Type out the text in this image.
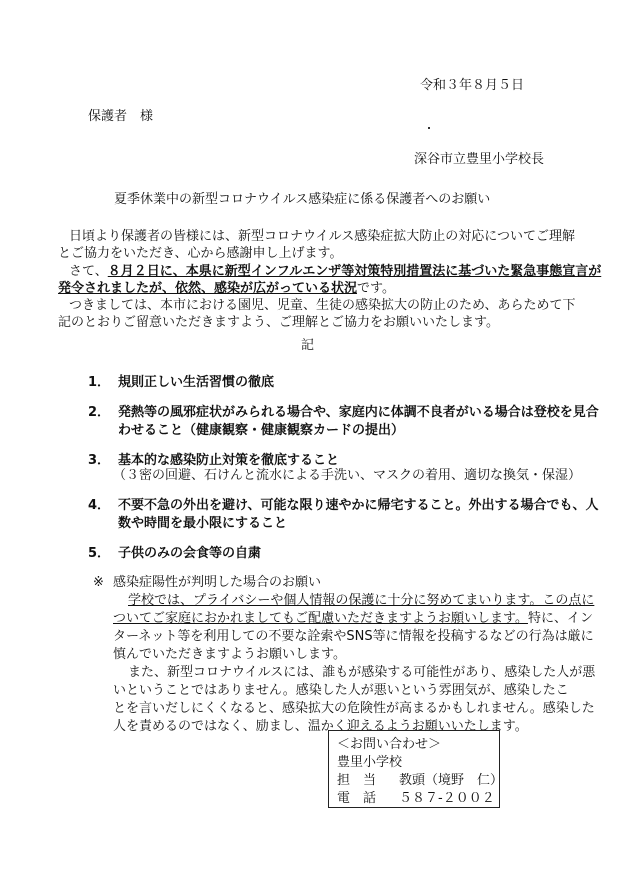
令和３年８月５日
保護者　様
深谷市立豊里小学校長
夏季休業中の新型コロナウイルス感染症に係る保護者へのお願い
日頃より保護者の皆様には、新型コロナウイルス感染症拡大防止の対応についてご理解
とご協力をいただき、心から感謝申し上げます。
さて、８月２日に、本県に新型インフルエンザ等対策特別措置法に基づいた緊急事態宣言が
発令されましたが、依然、感染が広がっている状況です。
つきましては、本市における園児、児童、生徒の感染拡大の防止のため、あらためて下
記のとおりご留意いただきますよう、ご理解とご協力をお願いいたします。
記
1． 規則正しい生活習慣の徹底
2． 発熱等の風邪症状がみられる場合や、家庭内に体調不良者がいる場合は登校を見合
わせること（健康観察・健康観察カードの提出）
3． 基本的な感染防止対策を徹底すること
（３密の回避、石けんと流水による手洗い、マスクの着用、適切な換気・保湿）
4． 不要不急の外出を避け、可能な限り速やかに帰宅すること。外出する場合でも、人
数や時間を最小限にすること
5． 子供のみの会食等の自粛
※ 感染症陽性が判明した場合のお願い
学校では、プライバシーや個人情報の保護に十分に努めてまいります。この点に
ついてご家庭におかれましてもご配慮いただきますようお願いします。特に、イン
ターネット等を利用しての不要な詮索やSNS等に情報を投稿するなどの行為は厳に
慎んでいただきますようお願いします。
また、新型コロナウイルスには、誰もが感染する可能性があり、感染した人が悪
いということではありません。感染した人が悪いという雰囲気が、感染したこ
とを言いだしにくくなると、感染拡大の危険性が高まるかもしれません。感染した
人を責めるのではなく、励まし、温かく迎えるようお願いいたします。
＜お問い合わせ＞
豊里小学校
担　当 教頭（境野　仁）
電　話 ５８７-２００２
